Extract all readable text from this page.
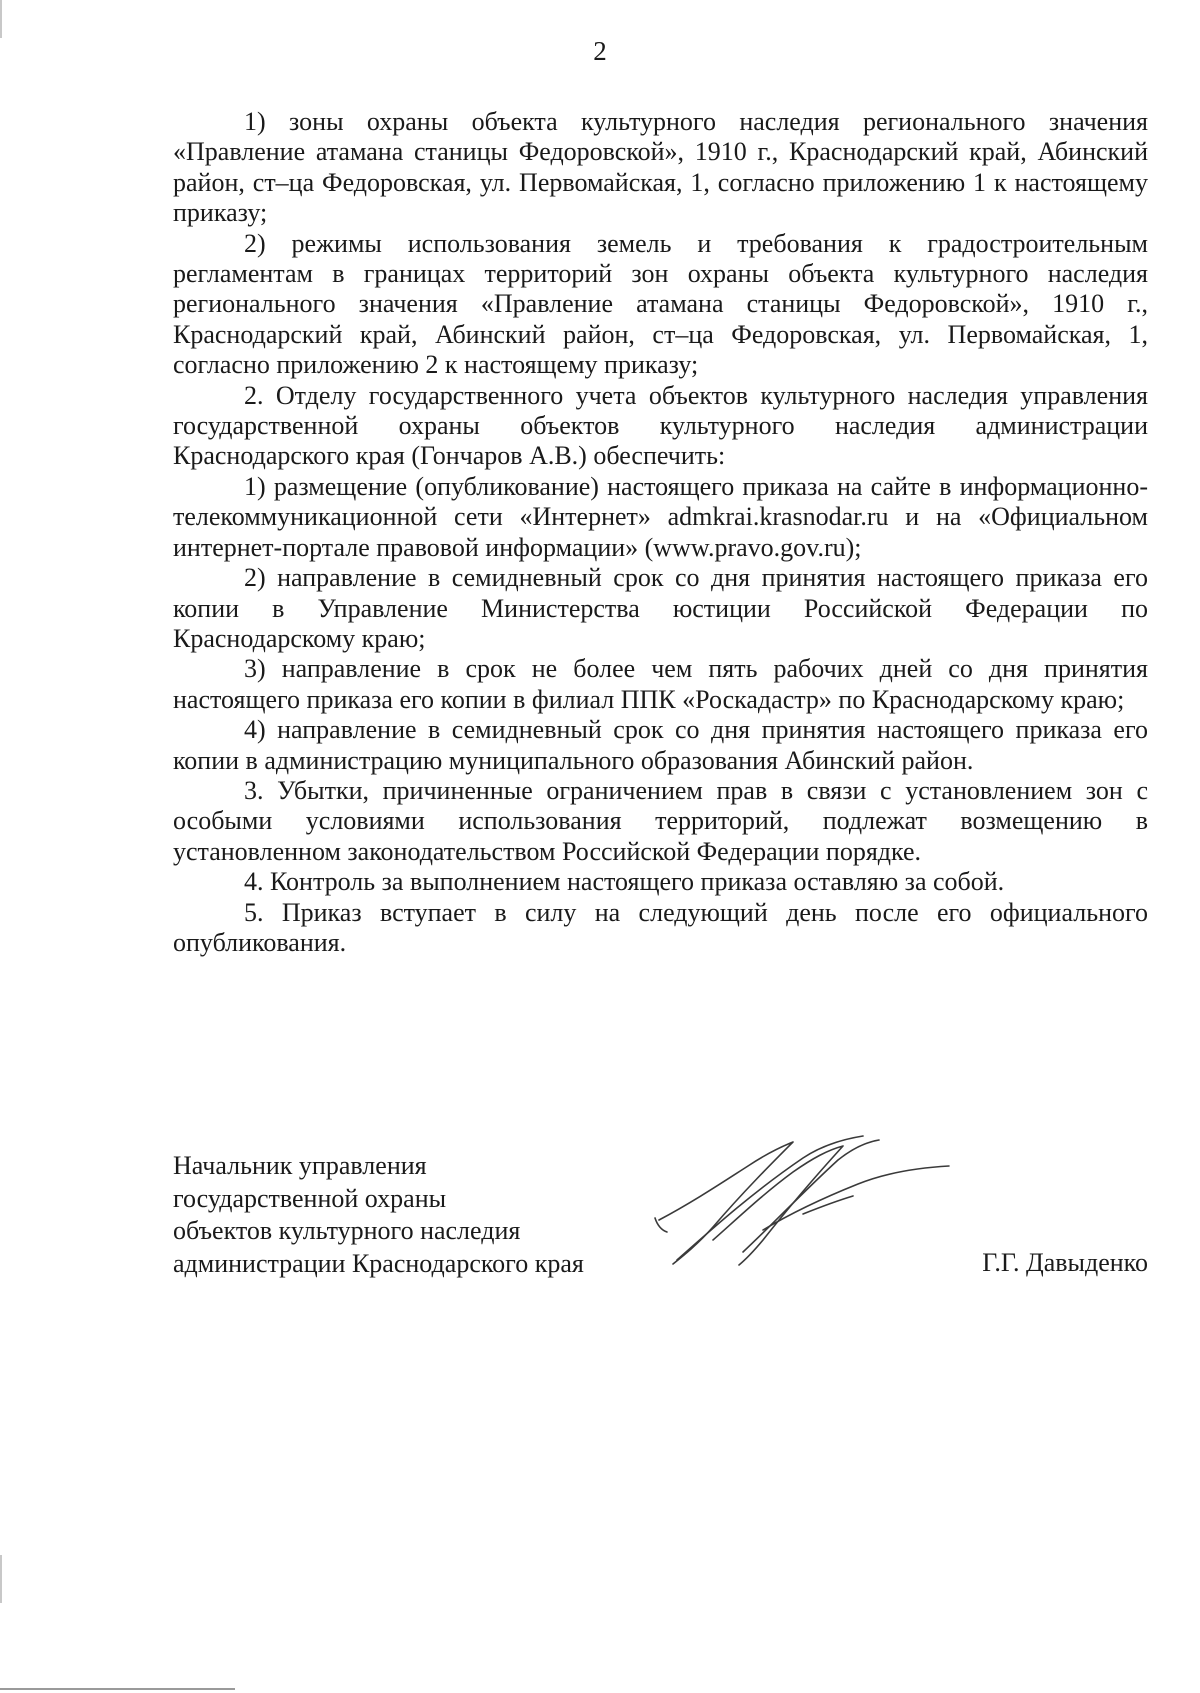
2

1) зоны охраны объекта культурного наследия регионального значения «Правление атамана станицы Федоровской», 1910 г., Краснодарский край, Абинский район, ст–ца Федоровская, ул. Первомайская, 1, согласно приложению 1 к настоящему приказу;

2) режимы использования земель и требования к градостроительным регламентам в границах территорий зон охраны объекта культурного наследия регионального значения «Правление атамана станицы Федоровской», 1910 г., Краснодарский край, Абинский район, ст–ца Федоровская, ул. Первомайская, 1, согласно приложению 2 к настоящему приказу;

2. Отделу государственного учета объектов культурного наследия управления государственной охраны объектов культурного наследия администрации Краснодарского края (Гончаров А.В.) обеспечить:

1) размещение (опубликование) настоящего приказа на сайте в информационно-телекоммуникационной сети «Интернет» admkrai.krasnodar.ru и на «Официальном интернет-портале правовой информации» (www.pravo.gov.ru);

2) направление в семидневный срок со дня принятия настоящего приказа его копии в Управление Министерства юстиции Российской Федерации по Краснодарскому краю;

3) направление в срок не более чем пять рабочих дней со дня принятия настоящего приказа его копии в филиал ППК «Роскадастр» по Краснодарскому краю;

4) направление в семидневный срок со дня принятия настоящего приказа его копии в администрацию муниципального образования Абинский район.

3. Убытки, причиненные ограничением прав в связи с установлением зон с особыми условиями использования территорий, подлежат возмещению в установленном законодательством Российской Федерации порядке.

4. Контроль за выполнением настоящего приказа оставляю за собой.

5. Приказ вступает в силу на следующий день после его официального опубликования.

Начальник управления
государственной охраны
объектов культурного наследия
администрации Краснодарского края	Г.Г. Давыденко
